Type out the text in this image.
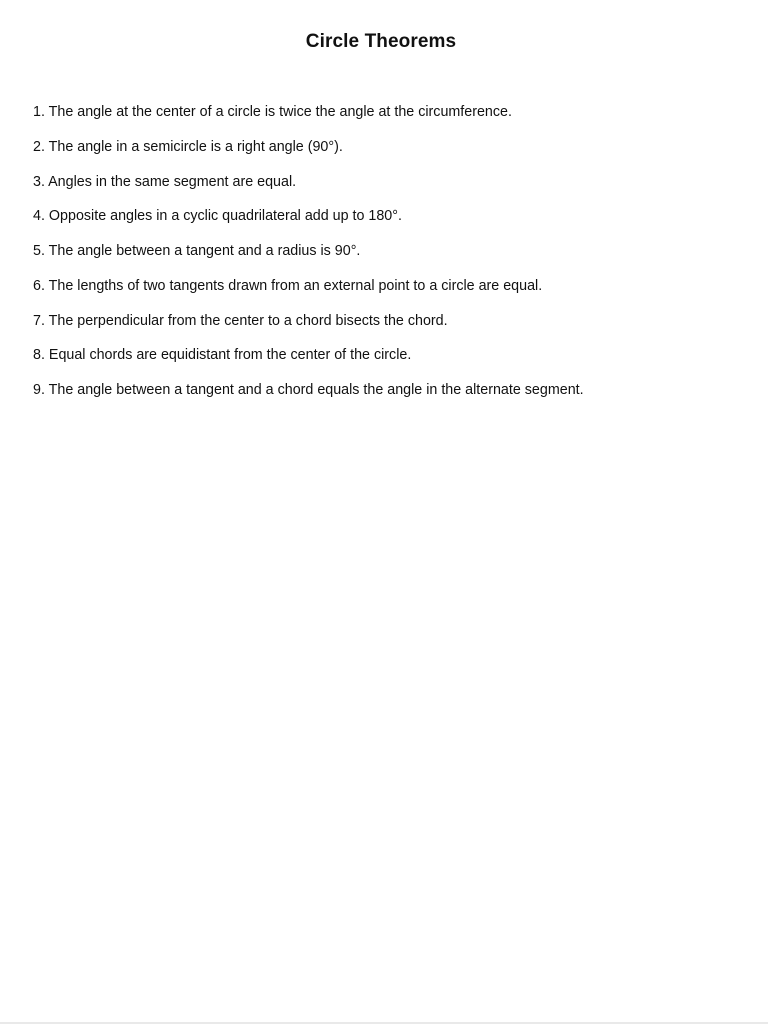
Circle Theorems
1. The angle at the center of a circle is twice the angle at the circumference.
2. The angle in a semicircle is a right angle (90°).
3. Angles in the same segment are equal.
4. Opposite angles in a cyclic quadrilateral add up to 180°.
5. The angle between a tangent and a radius is 90°.
6. The lengths of two tangents drawn from an external point to a circle are equal.
7. The perpendicular from the center to a chord bisects the chord.
8. Equal chords are equidistant from the center of the circle.
9. The angle between a tangent and a chord equals the angle in the alternate segment.
